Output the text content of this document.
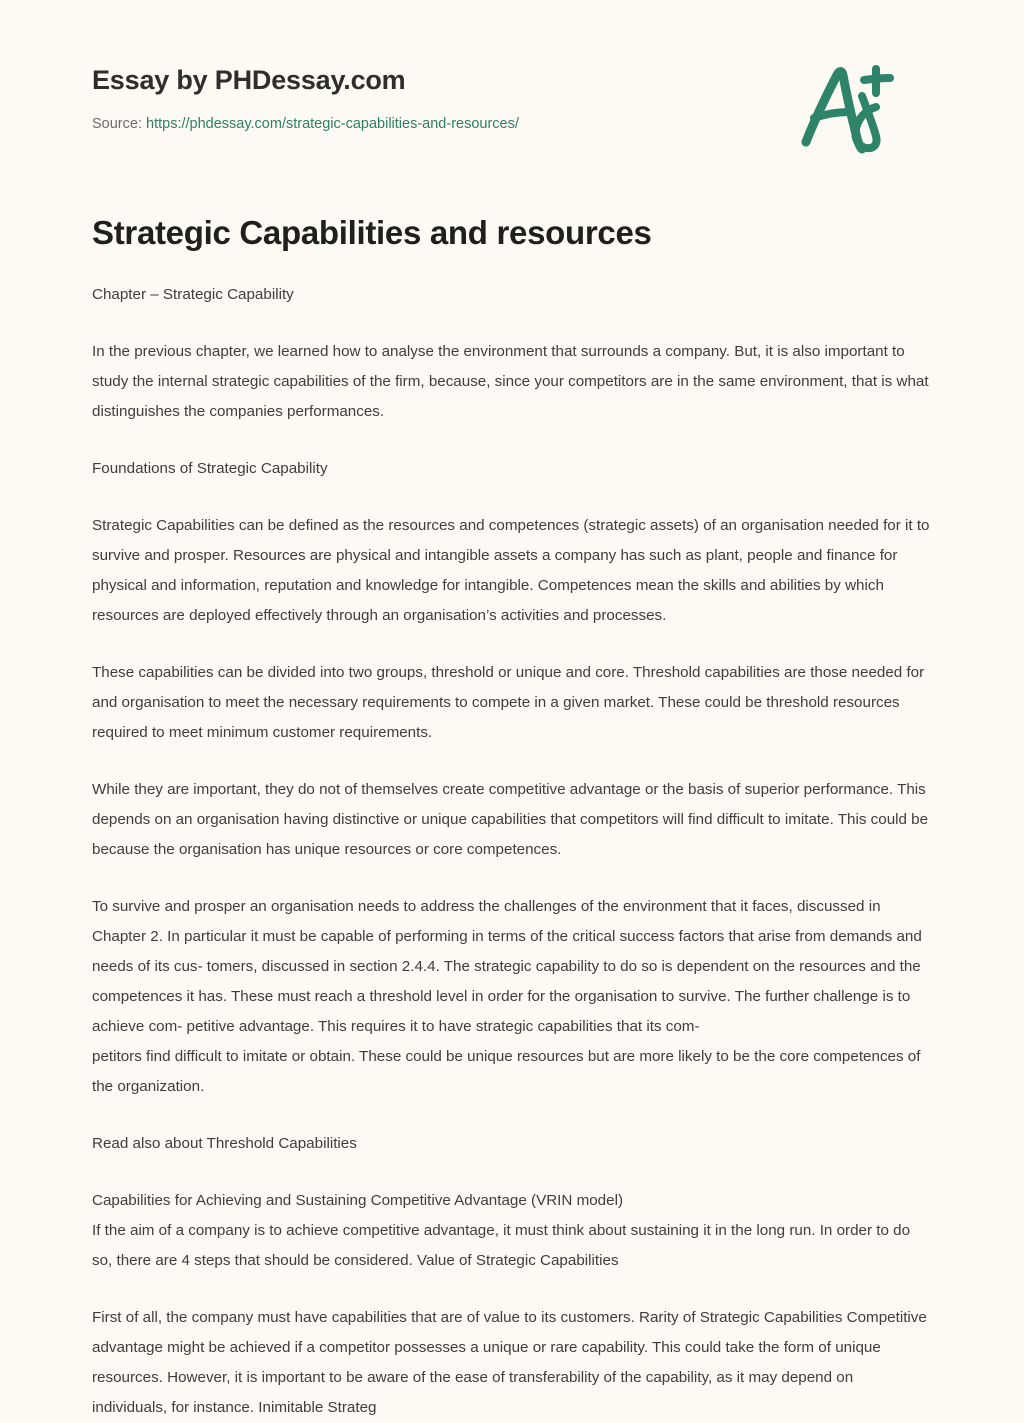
Essay by PHDessay.com
Source: https://phdessay.com/strategic-capabilities-and-resources/
Strategic Capabilities and resources

Chapter – Strategic Capability

In the previous chapter, we learned how to analyse the environment that surrounds a company. But, it is also important to study the internal strategic capabilities of the firm, because, since your competitors are in the same environment, that is what distinguishes the companies performances.

Foundations of Strategic Capability

Strategic Capabilities can be defined as the resources and competences (strategic assets) of an organisation needed for it to survive and prosper. Resources are physical and intangible assets a company has such as plant, people and finance for physical and information, reputation and knowledge for intangible. Competences mean the skills and abilities by which resources are deployed effectively through an organisation’s activities and processes.

These capabilities can be divided into two groups, threshold or unique and core. Threshold capabilities are those needed for and organisation to meet the necessary requirements to compete in a given market. These could be threshold resources required to meet minimum customer requirements.

While they are important, they do not of themselves create competitive advantage or the basis of superior performance. This depends on an organisation having distinctive or unique capabilities that competitors will find difficult to imitate. This could be because the organisation has unique resources or core competences.

To survive and prosper an organisation needs to address the challenges of the environment that it faces, discussed in Chapter 2. In particular it must be capable of performing in terms of the critical success factors that arise from demands and needs of its cus- tomers, discussed in section 2.4.4. The strategic capability to do so is dependent on the resources and the competences it has. These must reach a threshold level in order for the organisation to survive. The further challenge is to achieve com- petitive advantage. This requires it to have strategic capabilities that its com-

petitors find difficult to imitate or obtain. These could be unique resources but are more likely to be the core competences of the organization.

Read also about Threshold Capabilities

Capabilities for Achieving and Sustaining Competitive Advantage (VRIN model)

If the aim of a company is to achieve competitive advantage, it must think about sustaining it in the long run. In order to do so, there are 4 steps that should be considered. Value of Strategic Capabilities

First of all, the company must have capabilities that are of value to its customers. Rarity of Strategic Capabilities Competitive advantage might be achieved if a competitor possesses a unique or rare capability. This could take the form of unique resources. However, it is important to be aware of the ease of transferability of the capability, as it may depend on individuals, for instance. Inimitable Strateg
